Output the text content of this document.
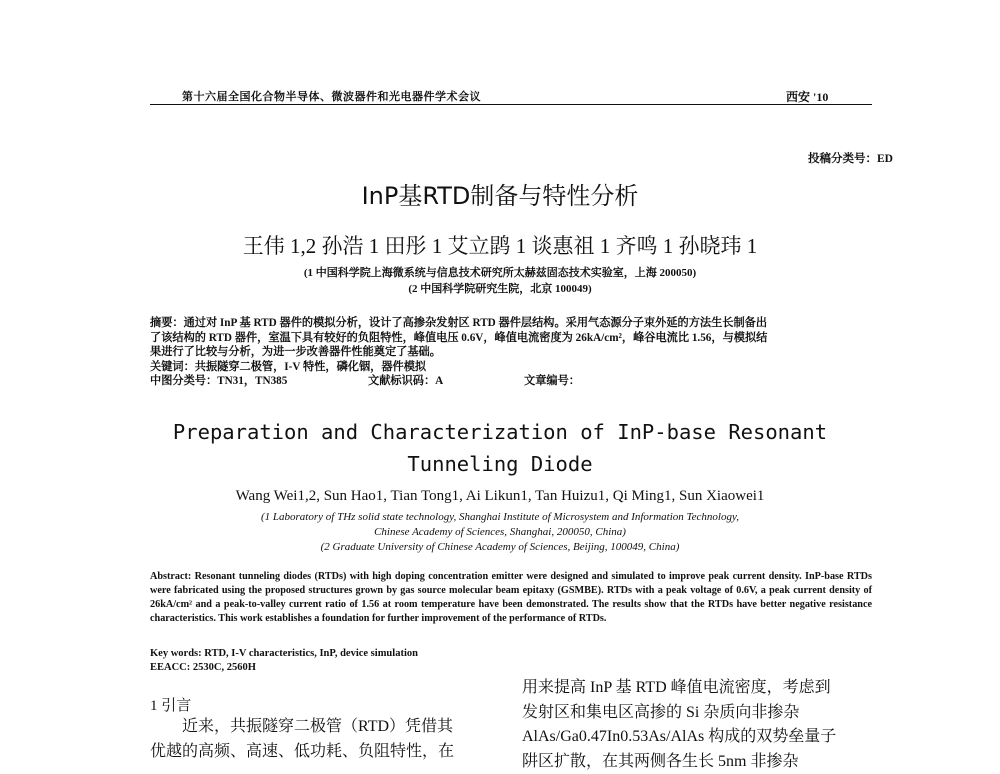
第十六届全国化合物半导体、微波器件和光电器件学术会议	西安 '10
投稿分类号：ED
InP基RTD制备与特性分析
王伟 1,2 孙浩 1 田彤 1 艾立鹍 1 谈惠祖 1 齐鸣 1 孙晓玮 1
(1 中国科学院上海微系统与信息技术研究所太赫兹固态技术实验室，上海 200050)
(2 中国科学院研究生院，北京 100049)
摘要：通过对 InP 基 RTD 器件的模拟分析，设计了高掺杂发射区 RTD 器件层结构。采用气态源分子束外延的方法生长制备出
了该结构的 RTD 器件，室温下具有较好的负阻特性，峰值电压 0.6V，峰值电流密度为 26kA/cm²，峰谷电流比 1.56，与模拟结
果进行了比较与分析，为进一步改善器件性能奠定了基础。
关键词：共振隧穿二极管，I-V 特性，磷化铟，器件模拟
中图分类号：TN31，TN385	文献标识码：A	文章编号：
Preparation and Characterization of InP-base Resonant
Tunneling Diode
Wang Wei1,2, Sun Hao1, Tian Tong1, Ai Likun1, Tan Huizu1, Qi Ming1, Sun Xiaowei1
(1 Laboratory of THz solid state technology, Shanghai Institute of Microsystem and Information Technology,
Chinese Academy of Sciences, Shanghai, 200050, China)
(2 Graduate University of Chinese Academy of Sciences, Beijing, 100049, China)
Abstract: Resonant tunneling diodes (RTDs) with high doping concentration emitter were designed and simulated to improve peak current density. InP-base RTDs were fabricated using the proposed structures grown by gas source molecular beam epitaxy (GSMBE). RTDs with a peak voltage of 0.6V, a peak current density of 26kA/cm² and a peak-to-valley current ratio of 1.56 at room temperature have been demonstrated. The results show that the RTDs have better negative resistance characteristics. This work establishes a foundation for further improvement of the performance of RTDs.
Key words: RTD, I-V characteristics, InP, device simulation
EEACC: 2530C, 2560H
1 引言
近来，共振隧穿二极管（RTD）凭借其
优越的高频、高速、低功耗、负阻特性，在
用来提高 InP 基 RTD 峰值电流密度，考虑到
发射区和集电区高掺的 Si 杂质向非掺杂
AlAs/Ga0.47In0.53As/AlAs 构成的双势垒量子
阱区扩散，在其两侧各生长 5nm 非掺杂
